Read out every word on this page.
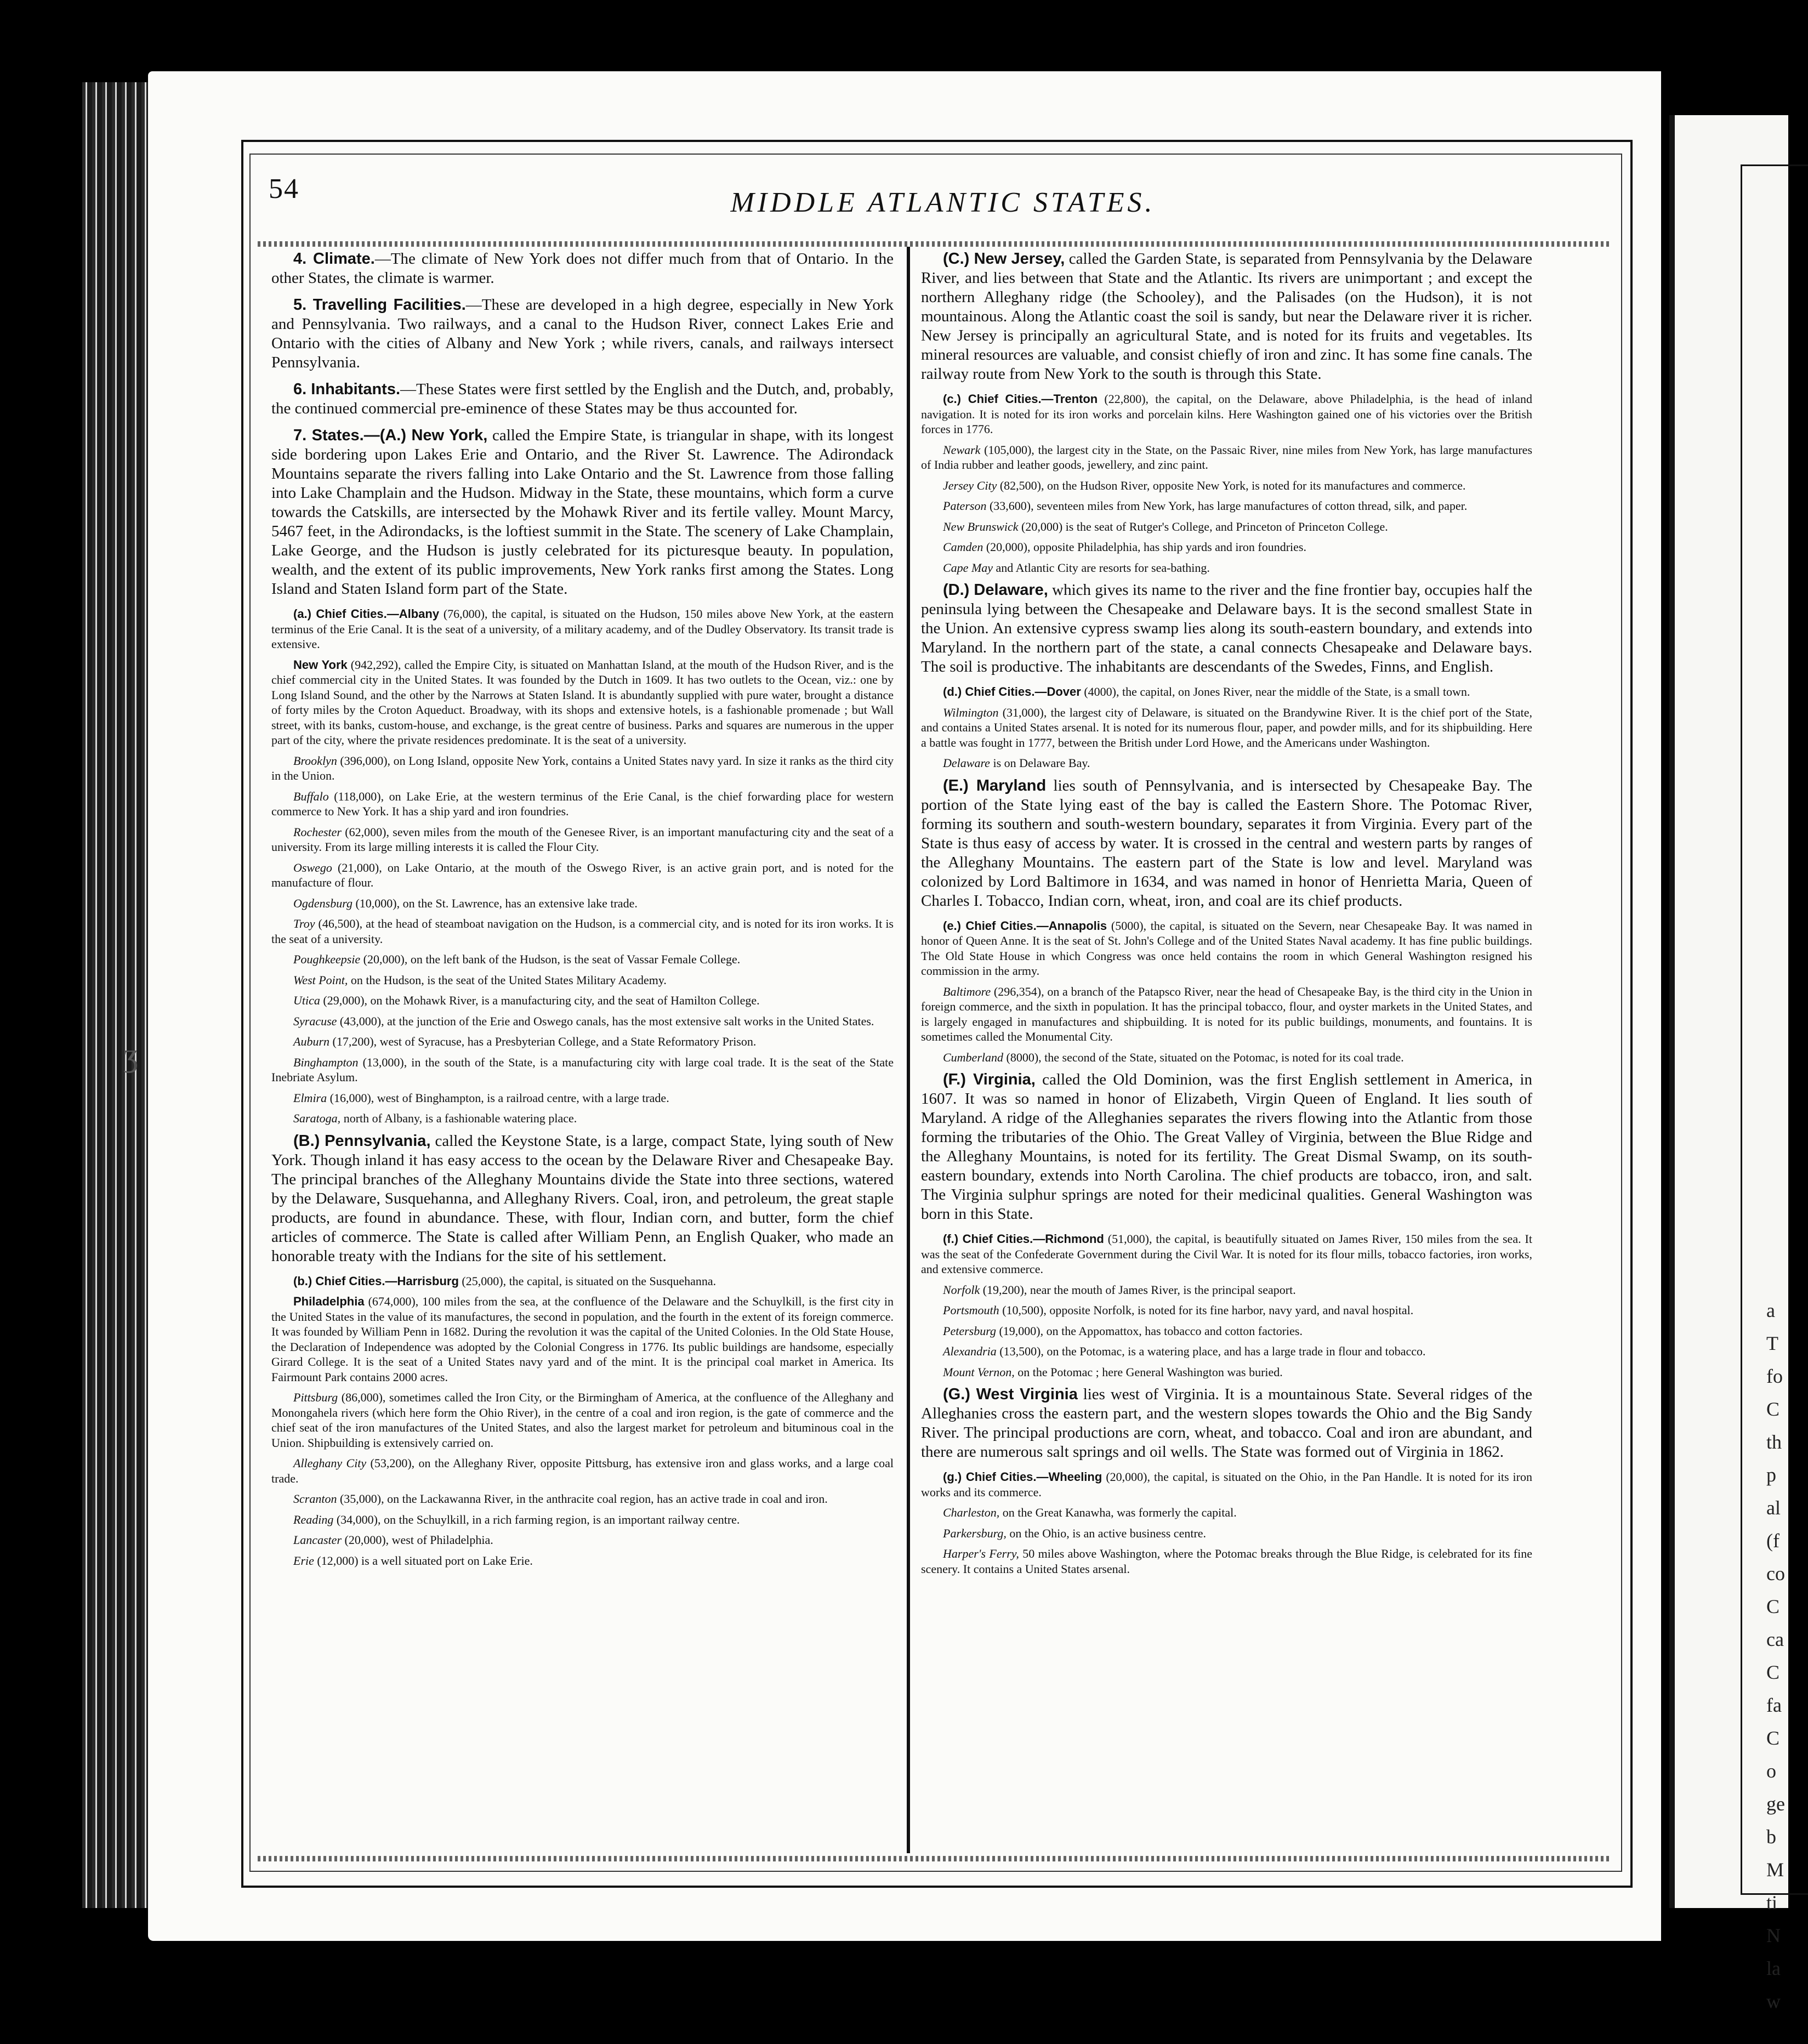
ʒ
a
T
fo
C
th
p
al
(f
co
C
ca
C
fa
C
o
ge
b
M
ti
N
la
w
54	MIDDLE ATLANTIC STATES.

4. Climate.—The climate of New York does not differ much from that of Ontario. In the other States, the climate is warmer.

5. Travelling Facilities.—These are developed in a high degree, especially in New York and Pennsylvania. Two railways, and a canal to the Hudson River, connect Lakes Erie and Ontario with the cities of Albany and New York ; while rivers, canals, and railways intersect Pennsylvania.

6. Inhabitants.—These States were first settled by the English and the Dutch, and, probably, the continued commercial pre-eminence of these States may be thus accounted for.

7. States.—(A.) New York, called the Empire State, is triangular in shape, with its longest side bordering upon Lakes Erie and Ontario, and the River St. Lawrence. The Adirondack Mountains separate the rivers falling into Lake Ontario and the St. Lawrence from those falling into Lake Champlain and the Hudson. Midway in the State, these mountains, which form a curve towards the Catskills, are intersected by the Mohawk River and its fertile valley. Mount Marcy, 5467 feet, in the Adirondacks, is the loftiest summit in the State. The scenery of Lake Champlain, Lake George, and the Hudson is justly celebrated for its picturesque beauty. In population, wealth, and the extent of its public improvements, New York ranks first among the States. Long Island and Staten Island form part of the State.

(a.) Chief Cities.—Albany (76,000), the capital, is situated on the Hudson, 150 miles above New York, at the eastern terminus of the Erie Canal. It is the seat of a university, of a military academy, and of the Dudley Observatory. Its transit trade is extensive.

New York (942,292), called the Empire City, is situated on Manhattan Island, at the mouth of the Hudson River, and is the chief commercial city in the United States. It was founded by the Dutch in 1609. It has two outlets to the Ocean, viz.: one by Long Island Sound, and the other by the Narrows at Staten Island. It is abundantly supplied with pure water, brought a distance of forty miles by the Croton Aqueduct. Broadway, with its shops and extensive hotels, is a fashionable promenade ; but Wall street, with its banks, custom-house, and exchange, is the great centre of business. Parks and squares are numerous in the upper part of the city, where the private residences predominate. It is the seat of a university.

Brooklyn (396,000), on Long Island, opposite New York, contains a United States navy yard. In size it ranks as the third city in the Union.

Buffalo (118,000), on Lake Erie, at the western terminus of the Erie Canal, is the chief forwarding place for western commerce to New York. It has a ship yard and iron foundries.

Rochester (62,000), seven miles from the mouth of the Genesee River, is an important manufacturing city and the seat of a university. From its large milling interests it is called the Flour City.

Oswego (21,000), on Lake Ontario, at the mouth of the Oswego River, is an active grain port, and is noted for the manufacture of flour.

Ogdensburg (10,000), on the St. Lawrence, has an extensive lake trade.

Troy (46,500), at the head of steamboat navigation on the Hudson, is a commercial city, and is noted for its iron works. It is the seat of a university.

Poughkeepsie (20,000), on the left bank of the Hudson, is the seat of Vassar Female College.

West Point, on the Hudson, is the seat of the United States Military Academy.

Utica (29,000), on the Mohawk River, is a manufacturing city, and the seat of Hamilton College.

Syracuse (43,000), at the junction of the Erie and Oswego canals, has the most extensive salt works in the United States.

Auburn (17,200), west of Syracuse, has a Presbyterian College, and a State Reformatory Prison.

Binghampton (13,000), in the south of the State, is a manufacturing city with large coal trade. It is the seat of the State Inebriate Asylum.

Elmira (16,000), west of Binghampton, is a railroad centre, with a large trade.

Saratoga, north of Albany, is a fashionable watering place.

(B.) Pennsylvania, called the Keystone State, is a large, compact State, lying south of New York. Though inland it has easy access to the ocean by the Delaware River and Chesapeake Bay. The principal branches of the Alleghany Mountains divide the State into three sections, watered by the Delaware, Susquehanna, and Alleghany Rivers. Coal, iron, and petroleum, the great staple products, are found in abundance. These, with flour, Indian corn, and butter, form the chief articles of commerce. The State is called after William Penn, an English Quaker, who made an honorable treaty with the Indians for the site of his settlement.

(b.) Chief Cities.—Harrisburg (25,000), the capital, is situated on the Susquehanna.

Philadelphia (674,000), 100 miles from the sea, at the confluence of the Delaware and the Schuylkill, is the first city in the United States in the value of its manufactures, the second in population, and the fourth in the extent of its foreign commerce. It was founded by William Penn in 1682. During the revolution it was the capital of the United Colonies. In the Old State House, the Declaration of Independence was adopted by the Colonial Congress in 1776. Its public buildings are handsome, especially Girard College. It is the seat of a United States navy yard and of the mint. It is the principal coal market in America. Its Fairmount Park contains 2000 acres.

Pittsburg (86,000), sometimes called the Iron City, or the Birmingham of America, at the confluence of the Alleghany and Monongahela rivers (which here form the Ohio River), in the centre of a coal and iron region, is the gate of commerce and the chief seat of the iron manufactures of the United States, and also the largest market for petroleum and bituminous coal in the Union. Shipbuilding is extensively carried on.

Alleghany City (53,200), on the Alleghany River, opposite Pittsburg, has extensive iron and glass works, and a large coal trade.

Scranton (35,000), on the Lackawanna River, in the anthracite coal region, has an active trade in coal and iron.

Reading (34,000), on the Schuylkill, in a rich farming region, is an important railway centre.

Lancaster (20,000), west of Philadelphia.

Erie (12,000) is a well situated port on Lake Erie.

(C.) New Jersey, called the Garden State, is separated from Pennsylvania by the Delaware River, and lies between that State and the Atlantic. Its rivers are unimportant ; and except the northern Alleghany ridge (the Schooley), and the Palisades (on the Hudson), it is not mountainous. Along the Atlantic coast the soil is sandy, but near the Delaware river it is richer. New Jersey is principally an agricultural State, and is noted for its fruits and vegetables. Its mineral resources are valuable, and consist chiefly of iron and zinc. It has some fine canals. The railway route from New York to the south is through this State.

(c.) Chief Cities.—Trenton (22,800), the capital, on the Delaware, above Philadelphia, is the head of inland navigation. It is noted for its iron works and porcelain kilns. Here Washington gained one of his victories over the British forces in 1776.

Newark (105,000), the largest city in the State, on the Passaic River, nine miles from New York, has large manufactures of India rubber and leather goods, jewellery, and zinc paint.

Jersey City (82,500), on the Hudson River, opposite New York, is noted for its manufactures and commerce.

Paterson (33,600), seventeen miles from New York, has large manufactures of cotton thread, silk, and paper.

New Brunswick (20,000) is the seat of Rutger's College, and Princeton of Princeton College.

Camden (20,000), opposite Philadelphia, has ship yards and iron foundries.

Cape May and Atlantic City are resorts for sea-bathing.

(D.) Delaware, which gives its name to the river and the fine frontier bay, occupies half the peninsula lying between the Chesapeake and Delaware bays. It is the second smallest State in the Union. An extensive cypress swamp lies along its south-eastern boundary, and extends into Maryland. In the northern part of the state, a canal connects Chesapeake and Delaware bays. The soil is productive. The inhabitants are descendants of the Swedes, Finns, and English.

(d.) Chief Cities.—Dover (4000), the capital, on Jones River, near the middle of the State, is a small town.

Wilmington (31,000), the largest city of Delaware, is situated on the Brandywine River. It is the chief port of the State, and contains a United States arsenal. It is noted for its numerous flour, paper, and powder mills, and for its shipbuilding. Here a battle was fought in 1777, between the British under Lord Howe, and the Americans under Washington.

Delaware is on Delaware Bay.

(E.) Maryland lies south of Pennsylvania, and is intersected by Chesapeake Bay. The portion of the State lying east of the bay is called the Eastern Shore. The Potomac River, forming its southern and south-western boundary, separates it from Virginia. Every part of the State is thus easy of access by water. It is crossed in the central and western parts by ranges of the Alleghany Mountains. The eastern part of the State is low and level. Maryland was colonized by Lord Baltimore in 1634, and was named in honor of Henrietta Maria, Queen of Charles I. Tobacco, Indian corn, wheat, iron, and coal are its chief products.

(e.) Chief Cities.—Annapolis (5000), the capital, is situated on the Severn, near Chesapeake Bay. It was named in honor of Queen Anne. It is the seat of St. John's College and of the United States Naval academy. It has fine public buildings. The Old State House in which Congress was once held contains the room in which General Washington resigned his commission in the army.

Baltimore (296,354), on a branch of the Patapsco River, near the head of Chesapeake Bay, is the third city in the Union in foreign commerce, and the sixth in population. It has the principal tobacco, flour, and oyster markets in the United States, and is largely engaged in manufactures and shipbuilding. It is noted for its public buildings, monuments, and fountains. It is sometimes called the Monumental City.

Cumberland (8000), the second of the State, situated on the Potomac, is noted for its coal trade.

(F.) Virginia, called the Old Dominion, was the first English settlement in America, in 1607. It was so named in honor of Elizabeth, Virgin Queen of England. It lies south of Maryland. A ridge of the Alleghanies separates the rivers flowing into the Atlantic from those forming the tributaries of the Ohio. The Great Valley of Virginia, between the Blue Ridge and the Alleghany Mountains, is noted for its fertility. The Great Dismal Swamp, on its south-eastern boundary, extends into North Carolina. The chief products are tobacco, iron, and salt. The Virginia sulphur springs are noted for their medicinal qualities. General Washington was born in this State.

(f.) Chief Cities.—Richmond (51,000), the capital, is beautifully situated on James River, 150 miles from the sea. It was the seat of the Confederate Government during the Civil War. It is noted for its flour mills, tobacco factories, iron works, and extensive commerce.

Norfolk (19,200), near the mouth of James River, is the principal seaport.

Portsmouth (10,500), opposite Norfolk, is noted for its fine harbor, navy yard, and naval hospital.

Petersburg (19,000), on the Appomattox, has tobacco and cotton factories.

Alexandria (13,500), on the Potomac, is a watering place, and has a large trade in flour and tobacco.

Mount Vernon, on the Potomac ; here General Washington was buried.

(G.) West Virginia lies west of Virginia. It is a mountainous State. Several ridges of the Alleghanies cross the eastern part, and the western slopes towards the Ohio and the Big Sandy River. The principal productions are corn, wheat, and tobacco. Coal and iron are abundant, and there are numerous salt springs and oil wells. The State was formed out of Virginia in 1862.

(g.) Chief Cities.—Wheeling (20,000), the capital, is situated on the Ohio, in the Pan Handle. It is noted for its iron works and its commerce.

Charleston, on the Great Kanawha, was formerly the capital.

Parkersburg, on the Ohio, is an active business centre.

Harper's Ferry, 50 miles above Washington, where the Potomac breaks through the Blue Ridge, is celebrated for its fine scenery. It contains a United States arsenal.
